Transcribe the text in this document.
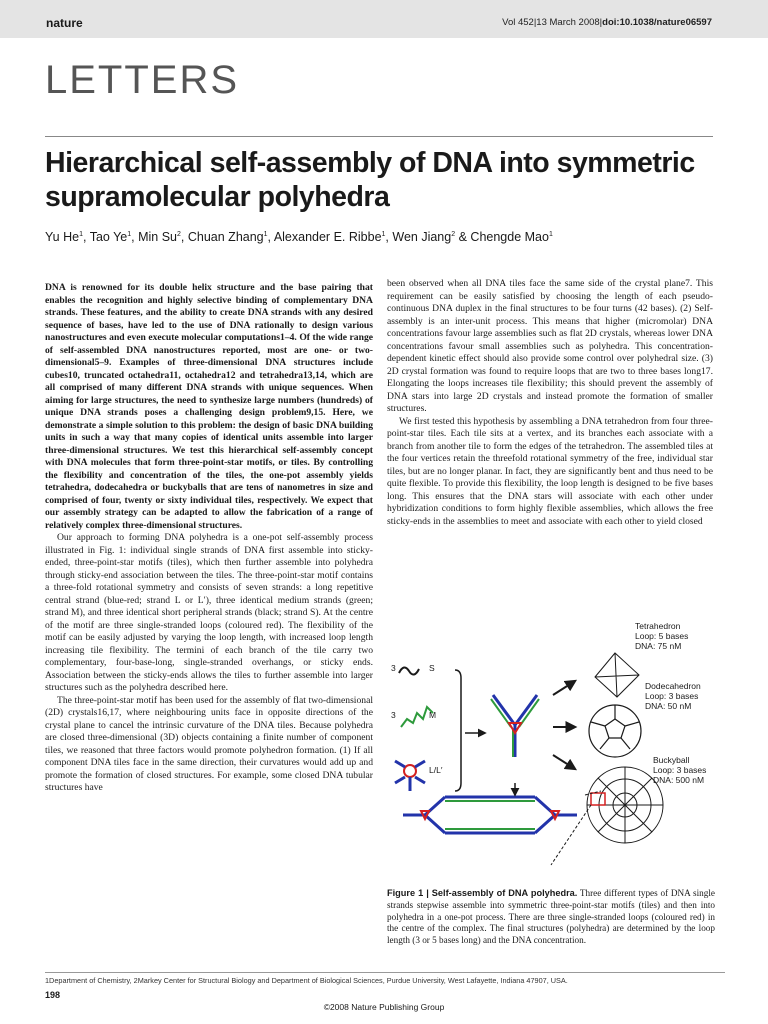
nature	Vol 452|13 March 2008|doi:10.1038/nature06597
LETTERS
Hierarchical self-assembly of DNA into symmetric supramolecular polyhedra
Yu He$^1$, Tao Ye$^1$, Min Su$^2$, Chuan Zhang$^1$, Alexander E. Ribbe$^1$, Wen Jiang$^2$ & Chengde Mao$^1$

DNA is renowned for its double helix structure and the base pairing that enables the recognition and highly selective binding of complementary DNA strands. These features, and the ability to create DNA strands with any desired sequence of bases, have led to the use of DNA rationally to design various nanostructures and even execute molecular computations1–4. Of the wide range of self-assembled DNA nanostructures reported, most are one- or two-dimensional5–9. Examples of three-dimensional DNA structures include cubes10, truncated octahedra11, octahedra12 and tetrahedra13,14, which are all comprised of many different DNA strands with unique sequences. When aiming for large structures, the need to synthesize large numbers (hundreds) of unique DNA strands poses a challenging design problem9,15. Here, we demonstrate a simple solution to this problem: the design of basic DNA building units in such a way that many copies of identical units assemble into larger three-dimensional structures. We test this hierarchical self-assembly concept with DNA molecules that form three-point-star motifs, or tiles. By controlling the flexibility and concentration of the tiles, the one-pot assembly yields tetrahedra, dodecahedra or buckyballs that are tens of nanometres in size and comprised of four, twenty or sixty individual tiles, respectively. We expect that our assembly strategy can be adapted to allow the fabrication of a range of relatively complex three-dimensional structures.

Our approach to forming DNA polyhedra is a one-pot self-assembly process illustrated in Fig. 1: individual single strands of DNA first assemble into sticky-ended, three-point-star motifs (tiles), which then further assemble into polyhedra through sticky-end association between the tiles. The three-point-star motif contains a three-fold rotational symmetry and consists of seven strands: a long repetitive central strand (blue-red; strand L or L′), three identical medium strands (green; strand M), and three identical short peripheral strands (black; strand S). At the centre of the motif are three single-stranded loops (coloured red). The flexibility of the motif can be easily adjusted by varying the loop length, with increased loop length increasing tile flexibility. The termini of each branch of the tile carry two complementary, four-base-long, single-stranded overhangs, or sticky ends. Association between the sticky-ends allows the tiles to further assemble into larger structures such as the polyhedra described here.

The three-point-star motif has been used for the assembly of flat two-dimensional (2D) crystals16,17, where neighbouring units face in opposite directions of the crystal plane to cancel the intrinsic curvature of the DNA tiles. Because polyhedra are closed three-dimensional (3D) objects containing a finite number of component tiles, we reasoned that three factors would promote polyhedron formation. (1) If all component DNA tiles face in the same direction, their curvatures would add up and promote the formation of closed structures. For example, some closed DNA tubular structures have

been observed when all DNA tiles face the same side of the crystal plane7. This requirement can be easily satisfied by choosing the length of each pseudo-continuous DNA duplex in the final structures to be four turns (42 bases). (2) Self-assembly is an inter-unit process. This means that higher (micromolar) DNA concentrations favour large assemblies such as flat 2D crystals, whereas lower DNA concentrations favour small assemblies such as polyhedra. This concentration-dependent kinetic effect should also provide some control over polyhedral size. (3) 2D crystal formation was found to require loops that are two to three bases long17. Elongating the loops increases tile flexibility; this should prevent the assembly of DNA stars into large 2D crystals and instead promote the formation of smaller structures.

We first tested this hypothesis by assembling a DNA tetrahedron from four three-point-star tiles. Each tile sits at a vertex, and its branches each associate with a branch from another tile to form the edges of the tetrahedron. The assembled tiles at the four vertices retain the threefold rotational symmetry of the free, individual star tiles, but are no longer planar. In fact, they are significantly bent and thus need to be quite flexible. To provide this flexibility, the loop length is designed to be five bases long. This ensures that the DNA stars will associate with each other under hybridization conditions to form highly flexible assemblies, which allows the free sticky-ends in the assemblies to meet and associate with each other to yield closed

3	S
3	M
L/L′
Tetrahedron
Loop: 5 bases
DNA: 75 nM
Dodecahedron
Loop: 3 bases
DNA: 50 nM
Buckyball
Loop: 3 bases
DNA: 500 nM
Figure 1 | Self-assembly of DNA polyhedra. Three different types of DNA single strands stepwise assemble into symmetric three-point-star motifs (tiles) and then into polyhedra in a one-pot process. There are three single-stranded loops (coloured red) in the centre of the complex. The final structures (polyhedra) are determined by the loop length (3 or 5 bases long) and the DNA concentration.
1Department of Chemistry, 2Markey Center for Structural Biology and Department of Biological Sciences, Purdue University, West Lafayette, Indiana 47907, USA.
198
©2008 Nature Publishing Group
